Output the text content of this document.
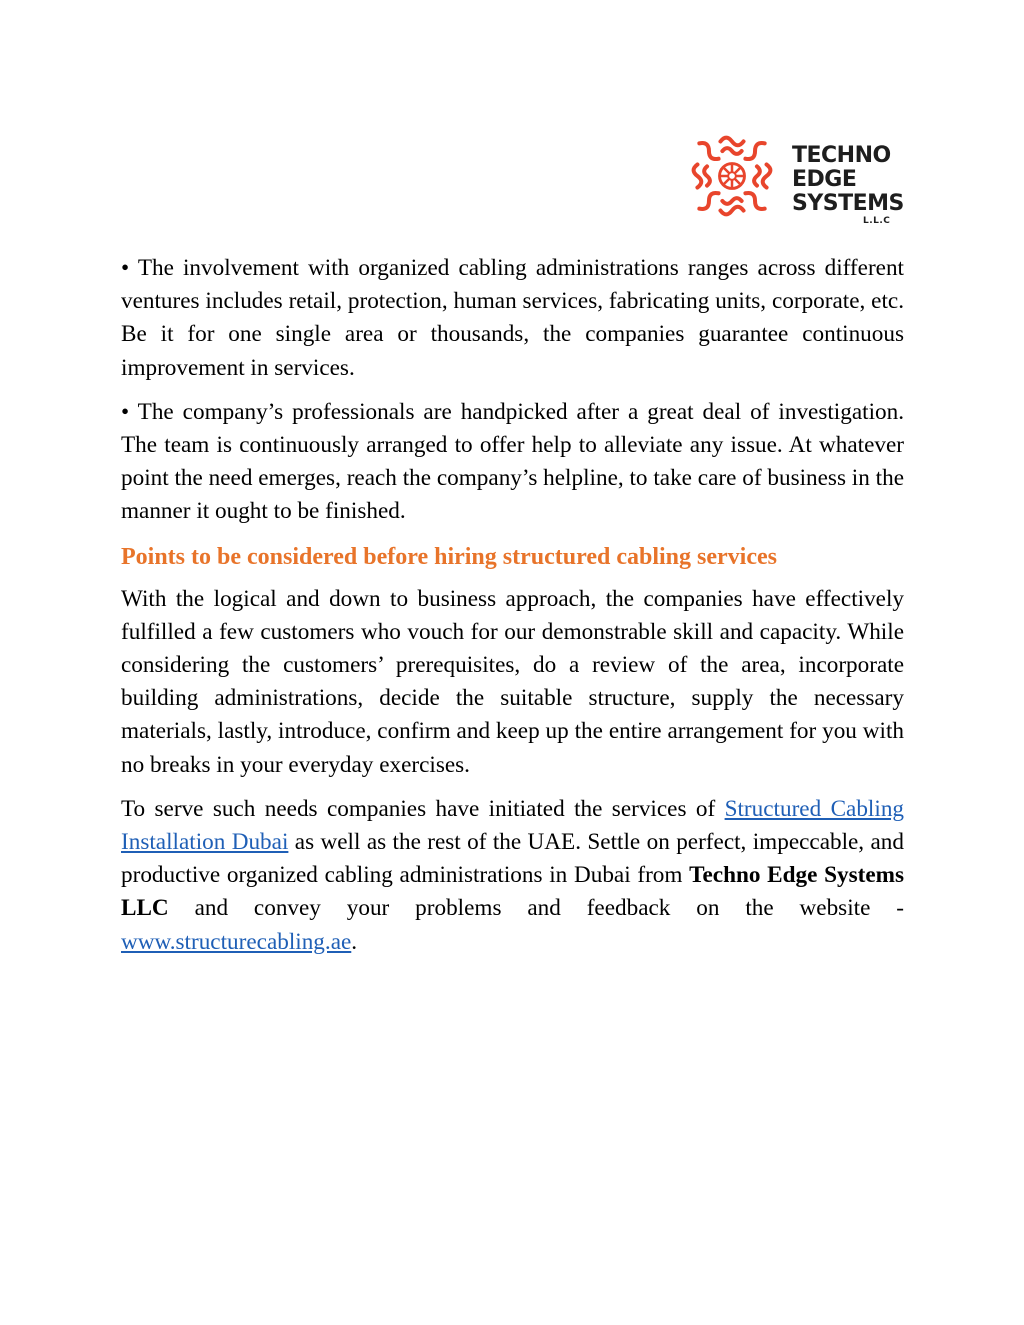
TECHNO
EDGE
SYSTEMS
L.L.C

• The involvement with organized cabling administrations ranges across different ventures includes retail, protection, human services, fabricating units, corporate, etc. Be it for one single area or thousands, the companies guarantee continuous improvement in services.

• The company’s professionals are handpicked after a great deal of investigation. The team is continuously arranged to offer help to alleviate any issue. At whatever point the need emerges, reach the company’s helpline, to take care of business in the manner it ought to be finished.

Points to be considered before hiring structured cabling services

With the logical and down to business approach, the companies have effectively fulfilled a few customers who vouch for our demonstrable skill and capacity. While considering the customers’ prerequisites, do a review of the area, incorporate building administrations, decide the suitable structure, supply the necessary materials, lastly, introduce, confirm and keep up the entire arrangement for you with no breaks in your everyday exercises.

To serve such needs companies have initiated the services of Structured Cabling Installation Dubai as well as the rest of the UAE. Settle on perfect, impeccable, and productive organized cabling administrations in Dubai from Techno Edge Systems LLC and convey your problems and feedback on the website -www.structurecabling.ae.
